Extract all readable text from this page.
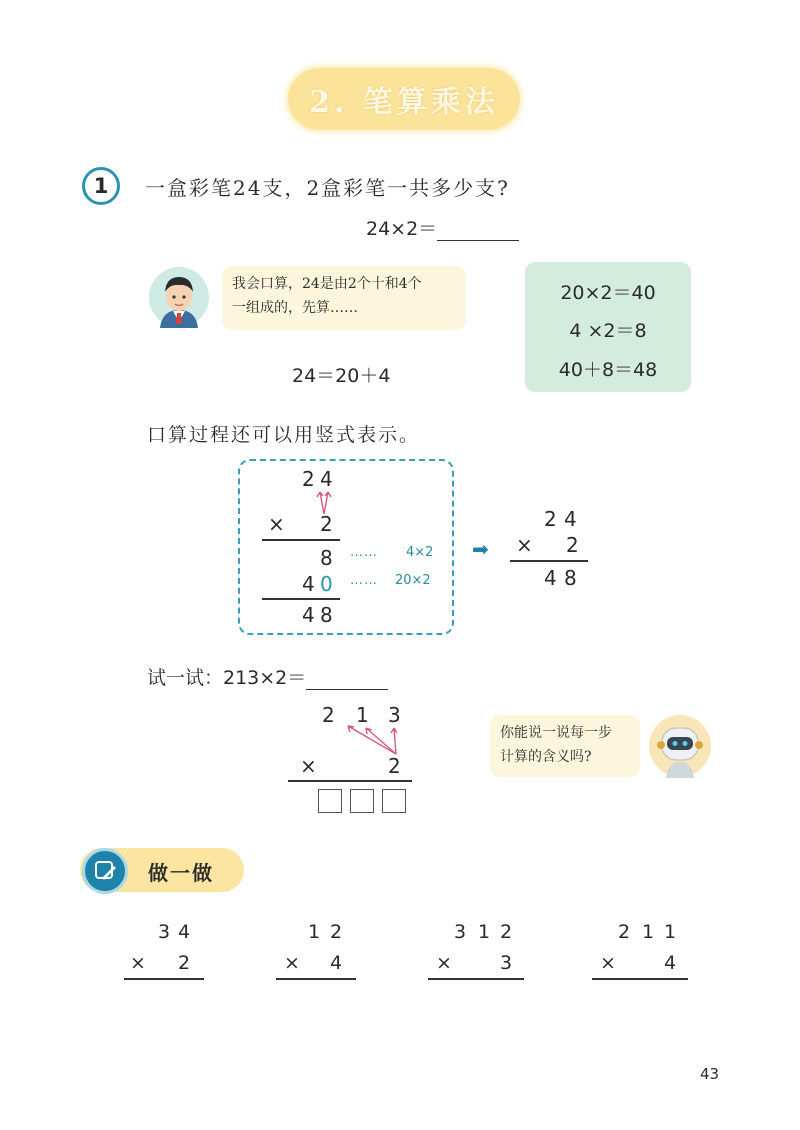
2. 笔算乘法
1	一盒彩笔24支，2盒彩笔一共多少支?
24×2＝
我会口算，24是由2个十和4个
一组成的，先算……
24＝20＋4
20×2＝40
4 ×2＝8
40＋8＝48
口算过程还可以用竖式表示。
2 4
× 2
8 …… 4×2
4 0 …… 20×2
4 8
➡
2 4
× 2
4 8
试一试：213×2＝
2 1 3
×	2
你能说一说每一步
计算的含义吗?
做一做
3 4
× 2
1 2
× 4
3 1 2
×	3
2 1 1
×	4
43
